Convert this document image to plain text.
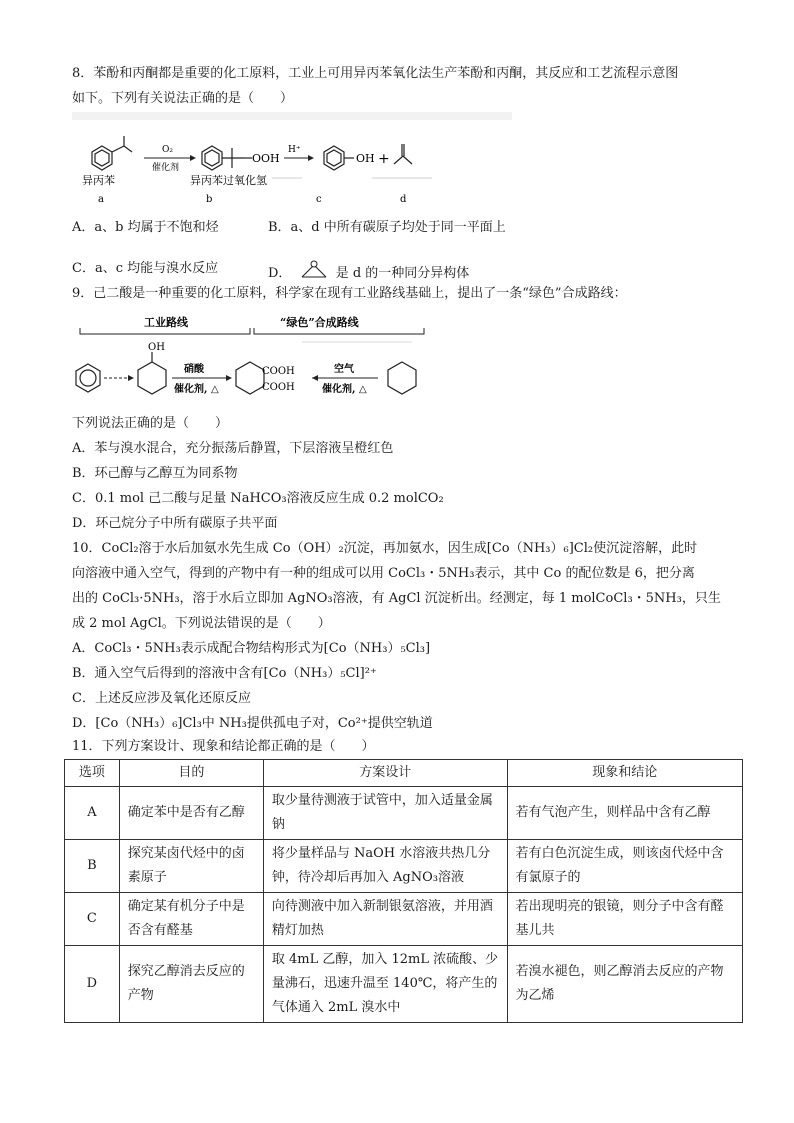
8．苯酚和丙酮都是重要的化工原料，工业上可用异丙苯氧化法生产苯酚和丙酮，其反应和工艺流程示意图
如下。下列有关说法正确的是（　　）
O₂
催化剂
OOH
H⁺
OH +
异丙苯	异丙苯过氧化氢
a	b	c	d
A．a、b 均属于不饱和烃	B．a、d 中所有碳原子均处于同一平面上
C．a、c 均能与溴水反应	D．	是 d 的一种同分异构体
9．己二酸是一种重要的化工原料，科学家在现有工业路线基础上，提出了一条“绿色”合成路线：
工业路线	“绿色”合成路线
OH
硝酸
催化剂, △
COOH
COOH
空气
催化剂, △
下列说法正确的是（　　）
A．苯与溴水混合，充分振荡后静置，下层溶液呈橙红色
B．环己醇与乙醇互为同系物
C．0.1 mol 己二酸与足量 NaHCO₃溶液反应生成 0.2 molCO₂
D．环己烷分子中所有碳原子共平面
10．CoCl₂溶于水后加氨水先生成 Co（OH）₂沉淀，再加氨水，因生成[Co（NH₃）₆]Cl₂使沉淀溶解，此时
向溶液中通入空气，得到的产物中有一种的组成可以用 CoCl₃・5NH₃表示，其中 Co 的配位数是 6，把分离
出的 CoCl₃·5NH₃，溶于水后立即加 AgNO₃溶液，有 AgCl 沉淀析出。经测定，每 1 molCoCl₃・5NH₃，只生
成 2 mol AgCl。下列说法错误的是（　　）
A．CoCl₃・5NH₃表示成配合物结构形式为[Co（NH₃）₅Cl₃]
B．通入空气后得到的溶液中含有[Co（NH₃）₅Cl]²⁺
C．上述反应涉及氧化还原反应
D．[Co（NH₃）₆]Cl₃中 NH₃提供孤电子对，Co²⁺提供空轨道
11．下列方案设计、现象和结论都正确的是（　　）
选项	目的	方案设计	现象和结论
A	确定苯中是否有乙醇	取少量待测液于试管中，加入适量金属钠	若有气泡产生，则样品中含有乙醇
B	探究某卤代烃中的卤素原子	将少量样品与 NaOH 水溶液共热几分钟，待冷却后再加入 AgNO₃溶液	若有白色沉淀生成，则该卤代烃中含有氯原子的
C	确定某有机分子中是否含有醛基	向待测液中加入新制银氨溶液，并用酒精灯加热	若出现明亮的银镜，则分子中含有醛基儿共
D	探究乙醇消去反应的产物	取 4mL 乙醇，加入 12mL 浓硫酸、少量沸石，迅速升温至 140℃，将产生的气体通入 2mL 溴水中	若溴水褪色，则乙醇消去反应的产物为乙烯
